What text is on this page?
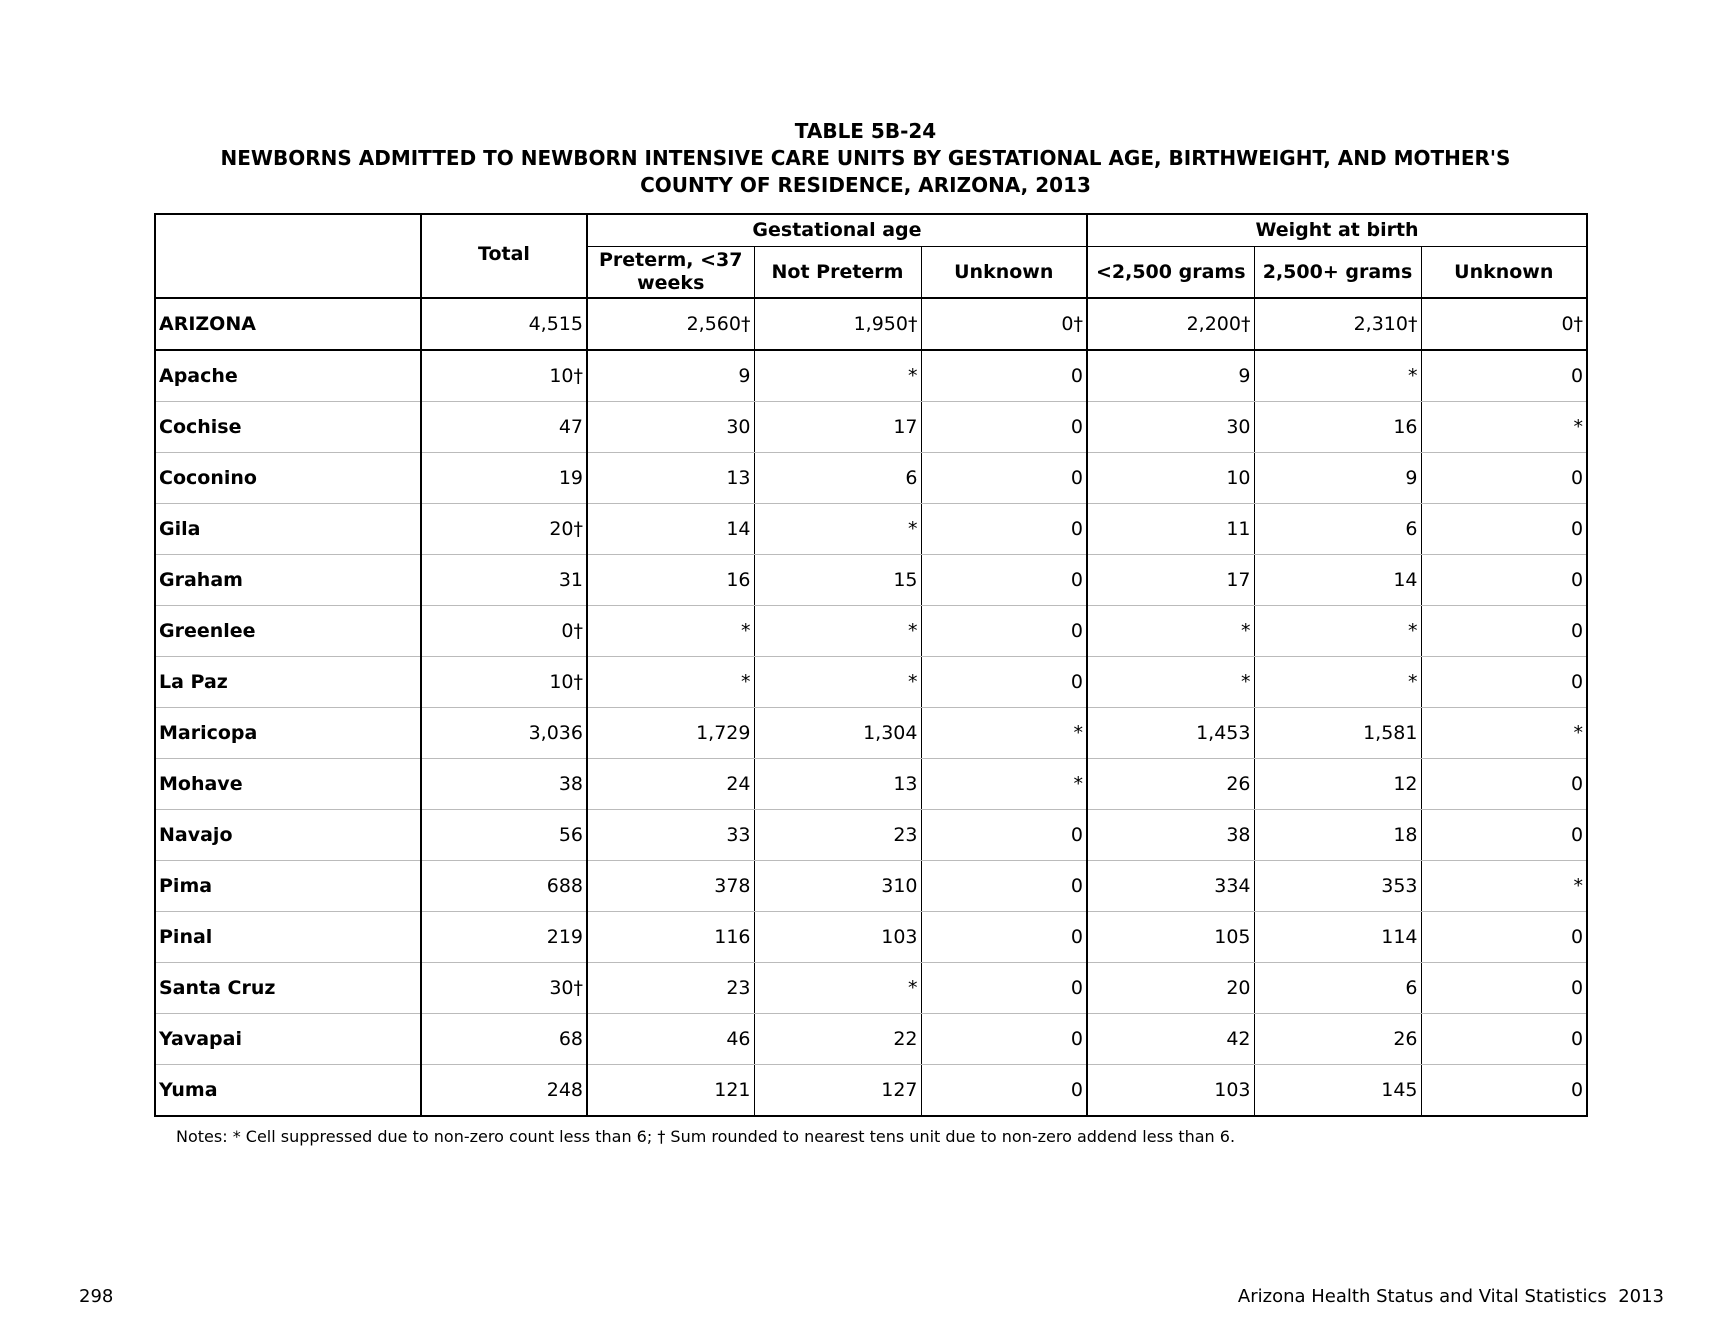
TABLE 5B-24
NEWBORNS ADMITTED TO NEWBORN INTENSIVE CARE UNITS BY GESTATIONAL AGE, BIRTHWEIGHT, AND MOTHER'S
COUNTY OF RESIDENCE, ARIZONA, 2013
	Total	Gestational age			Weight at birth		
		Preterm, <37 weeks	Not Preterm	Unknown	<2,500 grams	2,500+ grams	Unknown
ARIZONA	4,515	2,560†	1,950†	0†	2,200†	2,310†	0†
Apache	10†	9	*	0	9	*	0
Cochise	47	30	17	0	30	16	*
Coconino	19	13	6	0	10	9	0
Gila	20†	14	*	0	11	6	0
Graham	31	16	15	0	17	14	0
Greenlee	0†	*	*	0	*	*	0
La Paz	10†	*	*	0	*	*	0
Maricopa	3,036	1,729	1,304	*	1,453	1,581	*
Mohave	38	24	13	*	26	12	0
Navajo	56	33	23	0	38	18	0
Pima	688	378	310	0	334	353	*
Pinal	219	116	103	0	105	114	0
Santa Cruz	30†	23	*	0	20	6	0
Yavapai	68	46	22	0	42	26	0
Yuma	248	121	127	0	103	145	0
Notes: * Cell suppressed due to non-zero count less than 6; † Sum rounded to nearest tens unit due to non-zero addend less than 6.
298	Arizona Health Status and Vital Statistics  2013
